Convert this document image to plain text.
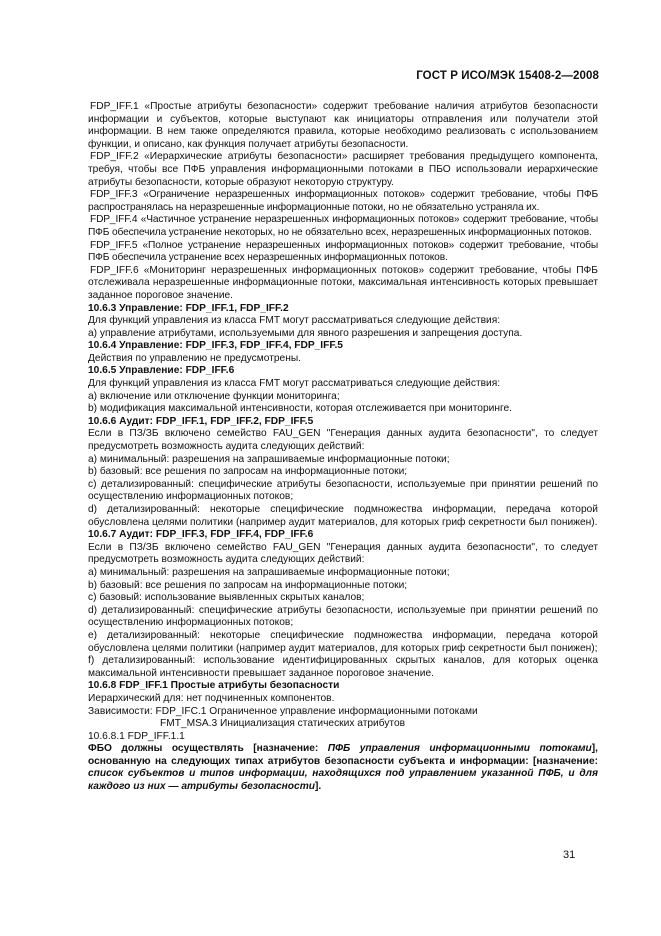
ГОСТ Р ИСО/МЭК 15408-2—2008

FDP_IFF.1 «Простые атрибуты безопасности» содержит требование наличия атрибутов безопасности информации и субъектов, которые выступают как инициаторы отправления или получатели этой информации. В нем также определяются правила, которые необходимо реализовать с использованием функции, и описано, как функция получает атрибуты безопасности.

FDP_IFF.2 «Иерархические атрибуты безопасности» расширяет требования предыдущего компонента, требуя, чтобы все ПФБ управления информационными потоками в ПБО использовали иерархические атрибуты безопасности, которые образуют некоторую структуру.

FDP_IFF.3 «Ограничение неразрешенных информационных потоков» содержит требование, чтобы ПФБ распространялась на неразрешенные информационные потоки, но не обязательно устраняла их.

FDP_IFF.4 «Частичное устранение неразрешенных информационных потоков» содержит требование, чтобы ПФБ обеспечила устранение некоторых, но не обязательно всех, неразрешенных информационных потоков.

FDP_IFF.5 «Полное устранение неразрешенных информационных потоков» содержит требование, чтобы ПФБ обеспечила устранение всех неразрешенных информационных потоков.

FDP_IFF.6 «Мониторинг неразрешенных информационных потоков» содержит требование, чтобы ПФБ отслеживала неразрешенные информационные потоки, максимальная интенсивность которых превышает заданное пороговое значение.

10.6.3 Управление: FDP_IFF.1, FDP_IFF.2

Для функций управления из класса FMT могут рассматриваться следующие действия:

а) управление атрибутами, используемыми для явного разрешения и запрещения доступа.

10.6.4 Управление: FDP_IFF.3, FDP_IFF.4, FDP_IFF.5

Действия по управлению не предусмотрены.

10.6.5 Управление: FDP_IFF.6

Для функций управления из класса FMT могут рассматриваться следующие действия:

а) включение или отключение функции мониторинга;

b) модификация максимальной интенсивности, которая отслеживается при мониторинге.

10.6.6 Аудит: FDP_IFF.1, FDP_IFF.2, FDP_IFF.5

Если в ПЗ/ЗБ включено семейство FAU_GEN "Генерация данных аудита безопасности", то следует предусмотреть возможность аудита следующих действий:

а) минимальный: разрешения на запрашиваемые информационные потоки;

b) базовый: все решения по запросам на информационные потоки;

c) детализированный: специфические атрибуты безопасности, используемые при принятии решений по осуществлению информационных потоков;

d) детализированный: некоторые специфические подмножества информации, передача которой обусловлена целями политики (например аудит материалов, для которых гриф секретности был понижен).

10.6.7 Аудит: FDP_IFF.3, FDP_IFF.4, FDP_IFF.6

Если в ПЗ/ЗБ включено семейство FAU_GEN "Генерация данных аудита безопасности", то следует предусмотреть возможность аудита следующих действий:

а) минимальный: разрешения на запрашиваемые информационные потоки;

b) базовый: все решения по запросам на информационные потоки;

c) базовый: использование выявленных скрытых каналов;

d) детализированный: специфические атрибуты безопасности, используемые при принятии решений по осуществлению информационных потоков;

e) детализированный: некоторые специфические подмножества информации, передача которой обусловлена целями политики (например аудит материалов, для которых гриф секретности был понижен);

f) детализированный: использование идентифицированных скрытых каналов, для которых оценка максимальной интенсивности превышает заданное пороговое значение.

10.6.8 FDP_IFF.1 Простые атрибуты безопасности

Иерархический для: нет подчиненных компонентов.

Зависимости: FDP_IFC.1 Ограниченное управление информационными потоками

FMT_MSA.3 Инициализация статических атрибутов

10.6.8.1 FDP_IFF.1.1

ФБО должны осуществлять [назначение: ПФБ управления информационными потоками], основанную на следующих типах атрибутов безопасности субъекта и информации: [назначение: список субъектов и типов информации, находящихся под управлением указанной ПФБ, и для каждого из них — атрибуты безопасности].

31
